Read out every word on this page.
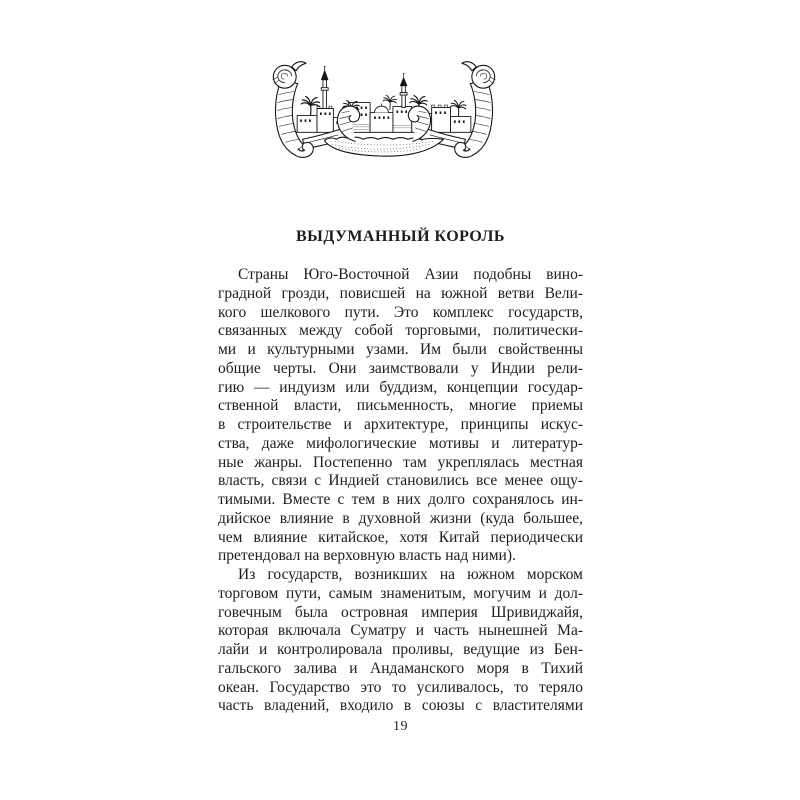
ВЫДУМАННЫЙ КОРОЛЬ
Страны Юго-Восточной Азии подобны вино-
градной грозди, повисшей на южной ветви Вели-
кого шелкового пути. Это комплекс государств,
связанных между собой торговыми, политически-
ми и культурными узами. Им были свойственны
общие черты. Они заимствовали у Индии рели-
гию — индуизм или буддизм, концепции государ-
ственной власти, письменность, многие приемы
в строительстве и архитектуре, принципы искус-
ства, даже мифологические мотивы и литератур-
ные жанры. Постепенно там укреплялась местная
власть, связи с Индией становились все менее ощу-
тимыми. Вместе с тем в них долго сохранялось ин-
дийское влияние в духовной жизни (куда большее,
чем влияние китайское, хотя Китай периодически
претендовал на верховную власть над ними).
Из государств, возникших на южном морском
торговом пути, самым знаменитым, могучим и дол-
говечным была островная империя Шривиджайя,
которая включала Суматру и часть нынешней Ма-
лайи и контролировала проливы, ведущие из Бен-
гальского залива и Андаманского моря в Тихий
океан. Государство это то усиливалось, то теряло
часть владений, входило в союзы с властителями
19
